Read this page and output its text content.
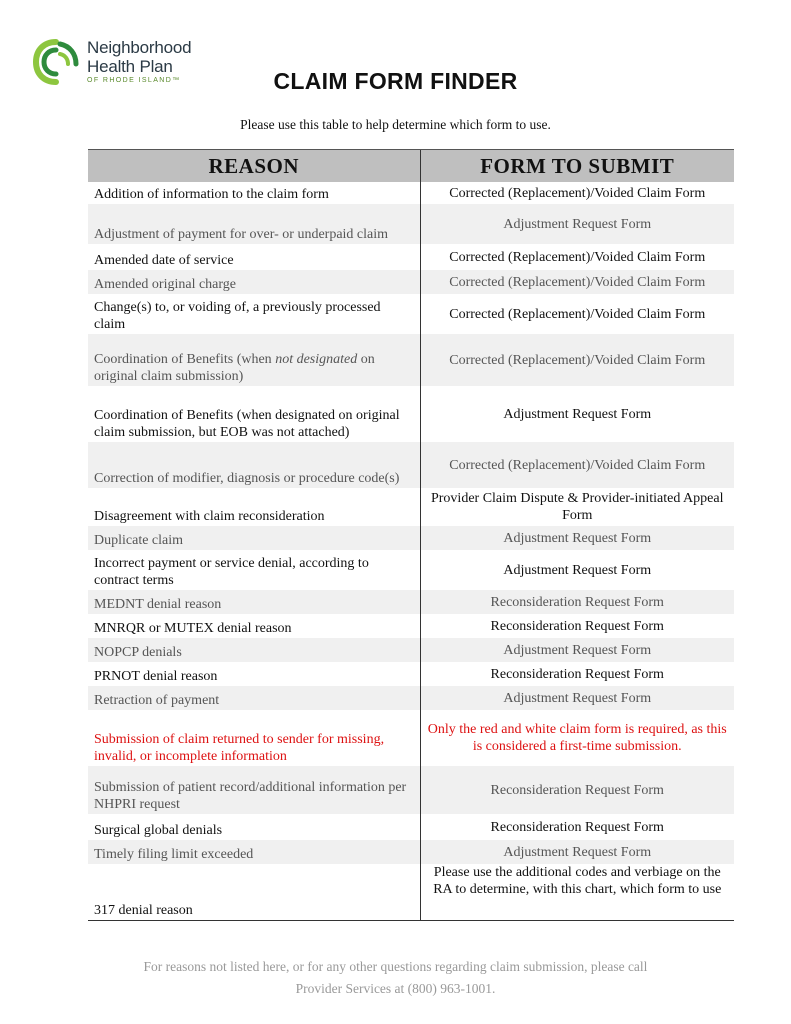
Neighborhood
Health Plan
OF RHODE ISLAND™	CLAIM FORM FINDER
Please use this table to help determine which form to use.
REASON	FORM TO SUBMIT
Addition of information to the claim form	Corrected (Replacement)/Voided Claim Form
Adjustment of payment for over- or underpaid claim	Adjustment Request Form
Amended date of service	Corrected (Replacement)/Voided Claim Form
Amended original charge	Corrected (Replacement)/Voided Claim Form
Change(s) to, or voiding of, a previously processed claim	Corrected (Replacement)/Voided Claim Form
Coordination of Benefits (when not designated on original claim submission)	Corrected (Replacement)/Voided Claim Form
Coordination of Benefits (when designated on original claim submission, but EOB was not attached)	Adjustment Request Form
Correction of modifier, diagnosis or procedure code(s)	Corrected (Replacement)/Voided Claim Form
Disagreement with claim reconsideration	Provider Claim Dispute & Provider-initiated Appeal Form
Duplicate claim	Adjustment Request Form
Incorrect payment or service denial, according to contract terms	Adjustment Request Form
MEDNT denial reason	Reconsideration Request Form
MNRQR or MUTEX denial reason	Reconsideration Request Form
NOPCP denials	Adjustment Request Form
PRNOT denial reason	Reconsideration Request Form
Retraction of payment	Adjustment Request Form
Submission of claim returned to sender for missing, invalid, or incomplete information	Only the red and white claim form is required, as this is considered a first-time submission.
Submission of patient record/additional information per NHPRI request	Reconsideration Request Form
Surgical global denials	Reconsideration Request Form
Timely filing limit exceeded	Adjustment Request Form
317 denial reason	Please use the additional codes and verbiage on the RA to determine, with this chart, which form to use
For reasons not listed here, or for any other questions regarding claim submission, please call
Provider Services at (800) 963-1001.
